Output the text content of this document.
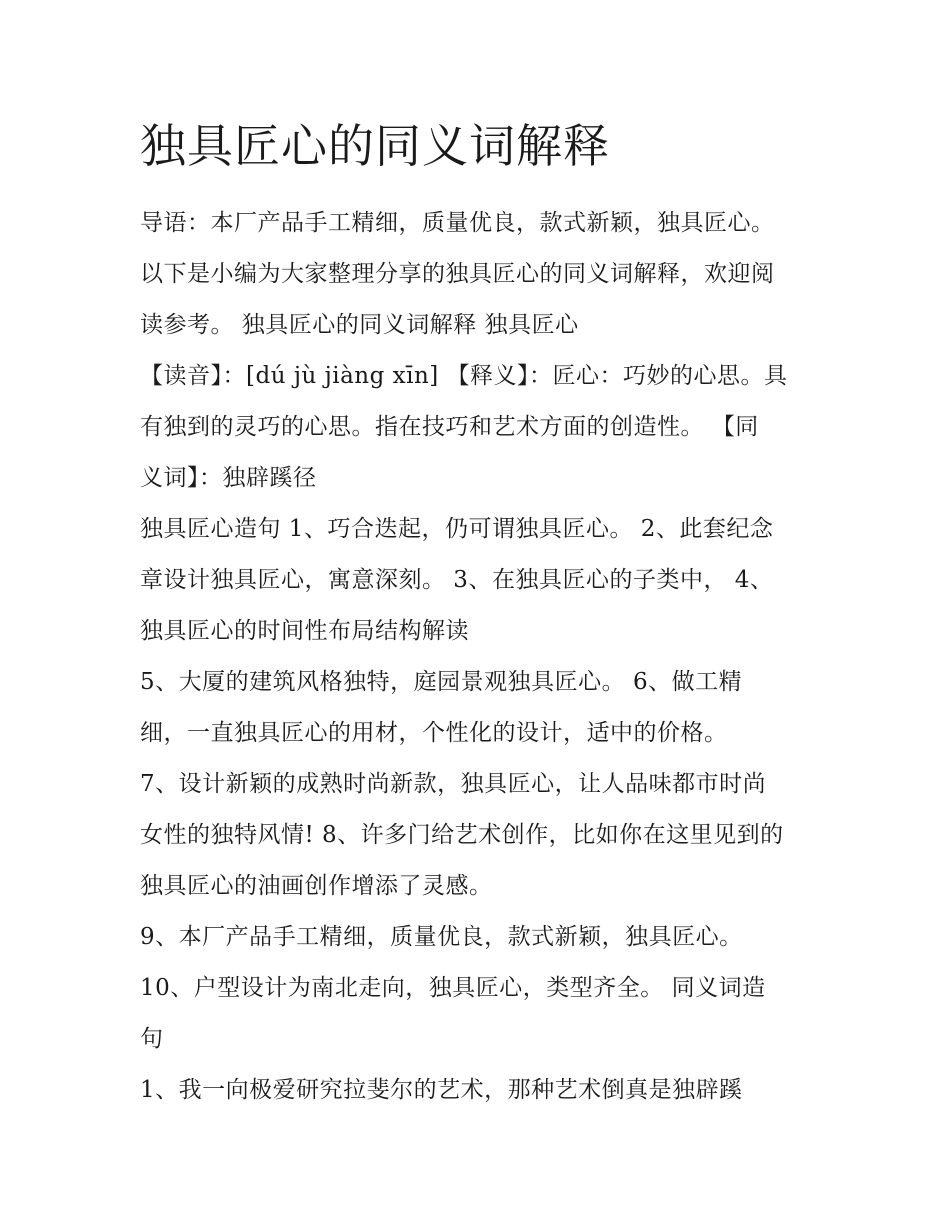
独具匠心的同义词解释
导语：本厂产品手工精细，质量优良，款式新颖，独具匠心。
以下是小编为大家整理分享的独具匠心的同义词解释，欢迎阅
读参考。 独具匠心的同义词解释 独具匠心
【读音】：[dú jù jiàng xīn] 【释义】：匠心：巧妙的心思。具
有独到的灵巧的心思。指在技巧和艺术方面的创造性。 【同
义词】：独辟蹊径
独具匠心造句 1、巧合迭起，仍可谓独具匠心。 2、此套纪念
章设计独具匠心，寓意深刻。 3、在独具匠心的子类中， 4、
独具匠心的时间性布局结构解读
5、大厦的建筑风格独特，庭园景观独具匠心。 6、做工精
细，一直独具匠心的用材，个性化的设计，适中的价格。
7、设计新颖的成熟时尚新款，独具匠心，让人品味都市时尚
女性的独特风情! 8、许多门给艺术创作，比如你在这里见到的
独具匠心的油画创作增添了灵感。
9、本厂产品手工精细，质量优良，款式新颖，独具匠心。
10、户型设计为南北走向，独具匠心，类型齐全。 同义词造
句
1、我一向极爱研究拉斐尔的艺术，那种艺术倒真是独辟蹊
